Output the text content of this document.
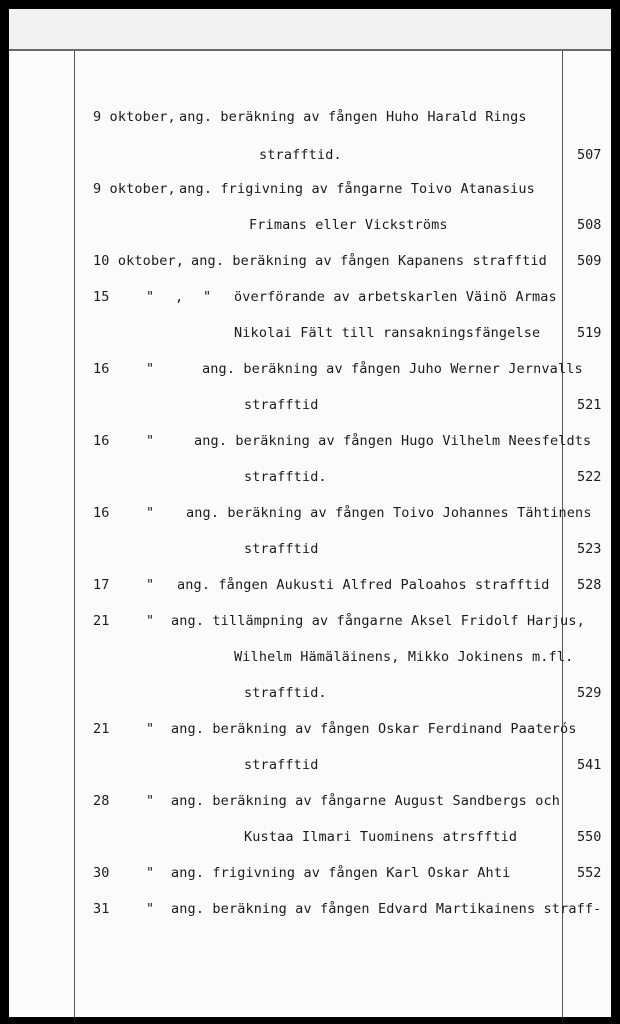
9 oktober, ang. beräkning av fången Huho Harald Rings
strafftid.	507
9 oktober, ang. frigivning av fångarne Toivo Atanasius
Frimans eller Vickströms	508
10 oktober, ang. beräkning av fången Kapanens strafftid 509
15	" , " överförande av arbetskarlen Väinö Armas
Nikolai Fält till ransakningsfängelse	519
16	"	ang. beräkning av fången Juho Werner Jernvalls
strafftid	521
16	"	ang. beräkning av fången Hugo Vilhelm Neesfeldts
strafftid.	522
16	" ang. beräkning av fången Toivo Johannes Tähtinens
strafftid	523
17	" ang. fången Aukusti Alfred Paloahos strafftid 528
21	" ang. tillämpning av fångarne Aksel Fridolf Harjus,
Wilhelm Hämäläinens, Mikko Jokinens m.fl.
strafftid.	529
21	" ang. beräkning av fången Oskar Ferdinand Paaterós
strafftid	541
28	" ang. beräkning av fångarne August Sandbergs och
Kustaa Ilmari Tuominens atrsfftid	550
30	" ang. frigivning av fången Karl Oskar Ahti	552
31	" ang. beräkning av fången Edvard Martikainens straff-
